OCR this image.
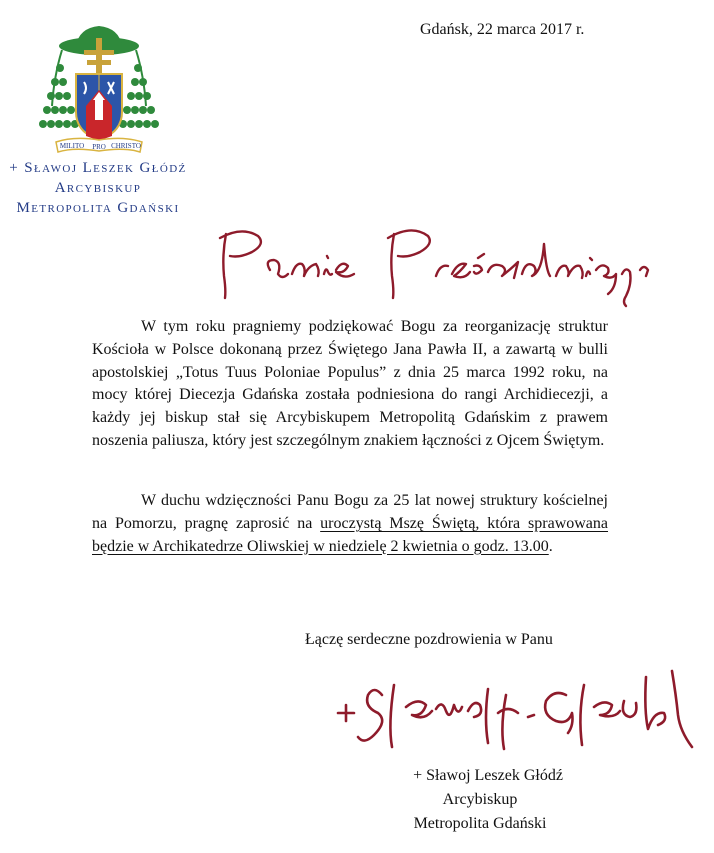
MILITO PRO CHRISTO
+ Sławoj Leszek Głódź
Arcybiskup
Metropolita Gdański
Gdańsk, 22 marca 2017 r.

W tym roku pragniemy podziękować Bogu za reorganizację struktur Kościoła w Polsce dokonaną przez Świętego Jana Pawła II, a zawartą w bulli apostolskiej „Totus Tuus Poloniae Populus” z dnia 25 marca 1992 roku, na mocy której Diecezja Gdańska została podniesiona do rangi Archidiecezji, a każdy jej biskup stał się Arcybiskupem Metropolitą Gdańskim z prawem noszenia paliusza, który jest szczególnym znakiem łączności z Ojcem Świętym.

W duchu wdzięczności Panu Bogu za 25 lat nowej struktury kościelnej na Pomorzu, pragnę zaprosić na uroczystą Mszę Świętą, która sprawowana będzie w Archikatedrze Oliwskiej w niedzielę 2 kwietnia o godz. 13.00.

Łączę serdeczne pozdrowienia w Panu
+ Sławoj Leszek Głódź
Arcybiskup
Metropolita Gdański
